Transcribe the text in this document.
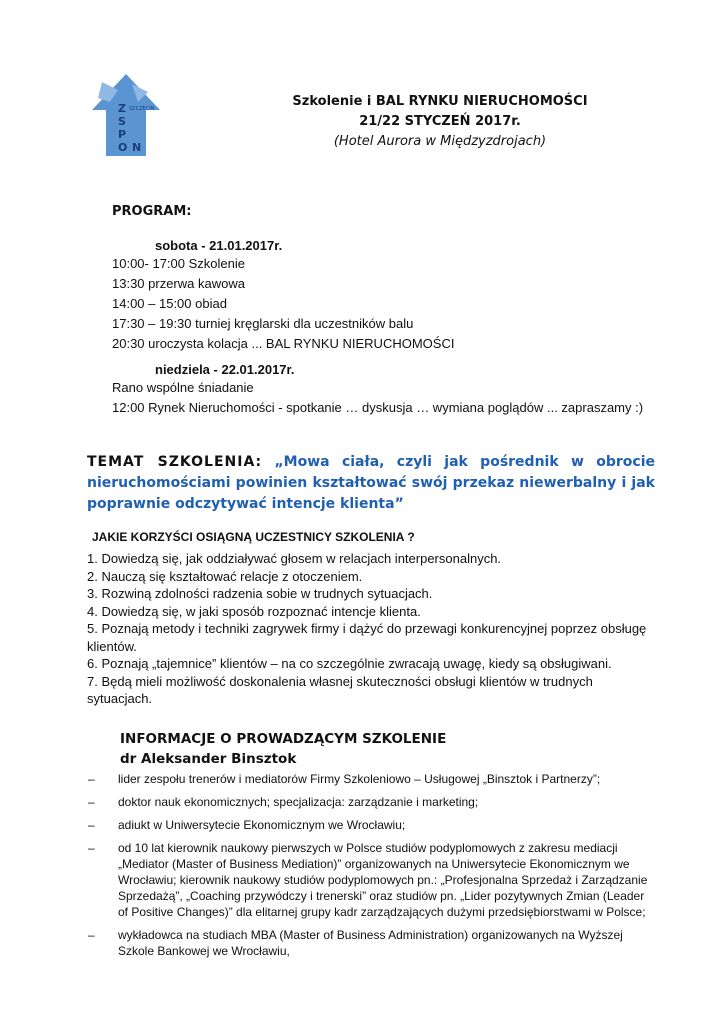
Z
S
P
O N
SZCZECIN	Szkolenie i BAL RYNKU NIERUCHOMOŚCI
21/22 STYCZEŃ 2017r.
(Hotel Aurora w Międzyzdrojach)
PROGRAM:
sobota - 21.01.2017r.
10:00- 17:00 Szkolenie
13:30 przerwa kawowa
14:00 – 15:00 obiad
17:30 – 19:30 turniej kręglarski dla uczestników balu
20:30 uroczysta kolacja ... BAL RYNKU NIERUCHOMOŚCI
niedziela - 22.01.2017r.
Rano wspólne śniadanie
12:00 Rynek Nieruchomości - spotkanie … dyskusja … wymiana poglądów ... zapraszamy :)
TEMAT SZKOLENIA: „Mowa ciała, czyli jak pośrednik w obrocie nieruchomościami powinien kształtować swój przekaz niewerbalny i jak poprawnie odczytywać intencje klienta”
JAKIE KORZYŚCI OSIĄGNĄ UCZESTNICY SZKOLENIA ?
1. Dowiedzą się, jak oddziaływać głosem w relacjach interpersonalnych.
2. Nauczą się kształtować relacje z otoczeniem.
3. Rozwiną zdolności radzenia sobie w trudnych sytuacjach.
4. Dowiedzą się, w jaki sposób rozpoznać intencje klienta.
5. Poznają metody i techniki zagrywek firmy i dążyć do przewagi konkurencyjnej poprzez obsługę klientów.
6. Poznają „tajemnice” klientów – na co szczególnie zwracają uwagę, kiedy są obsługiwani.
7. Będą mieli możliwość doskonalenia własnej skuteczności obsługi klientów w trudnych sytuacjach.
INFORMACJE O PROWADZĄCYM SZKOLENIE
dr Aleksander Binsztok
– lider zespołu trenerów i mediatorów Firmy Szkoleniowo – Usługowej „Binsztok i Partnerzy”;
– doktor nauk ekonomicznych; specjalizacja: zarządzanie i marketing;
– adiukt w Uniwersytecie Ekonomicznym we Wrocławiu;
– od 10 lat kierownik naukowy pierwszych w Polsce studiów podyplomowych z zakresu mediacji „Mediator (Master of Business Mediation)” organizowanych na Uniwersytecie Ekonomicznym we Wrocławiu; kierownik naukowy studiów podyplomowych pn.: „Profesjonalna Sprzedaż i Zarządzanie Sprzedażą”, „Coaching przywódczy i trenerski” oraz studiów pn. „Lider pozytywnych Zmian (Leader of Positive Changes)” dla elitarnej grupy kadr zarządzających dużymi przedsiębiorstwami w Polsce;
– wykładowca na studiach MBA (Master of Business Administration) organizowanych na Wyższej Szkole Bankowej we Wrocławiu,
